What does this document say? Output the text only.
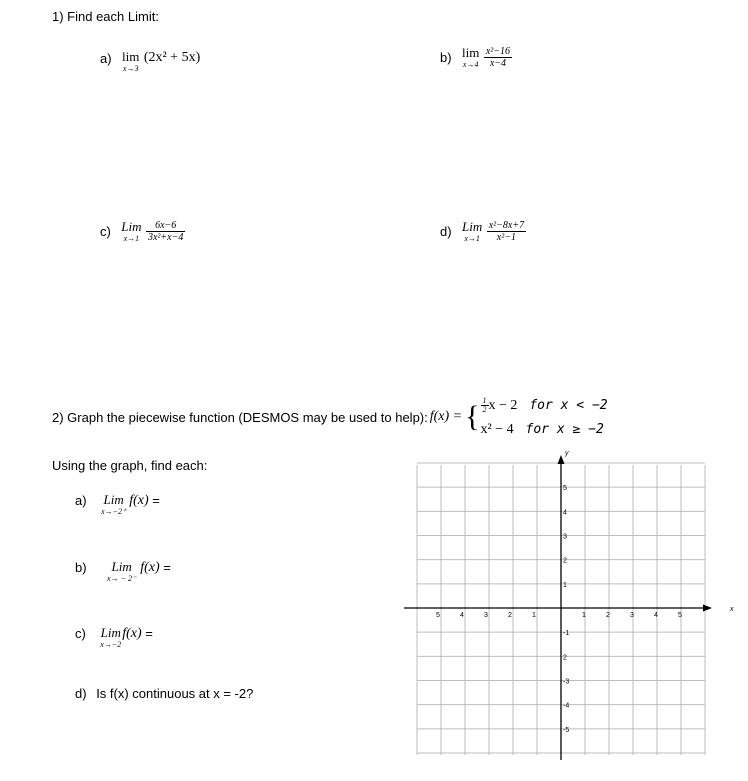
1) Find each Limit:
a) lim
x→3
(2x² + 5x)	b) lim
x→4
$\frac{\text{x²−16}}{x-4}$
c) Lim
x→1
$\frac{6x-6}{\text{3x²+x−4}}$	d) Lim
x→1
$\frac{\text{x²−8x+7}}{\text{x²−1}}$
2) Graph the piecewise function (DESMOS may be used to help): f(x) = { $\frac{1}{2}$ x − 2 for x < −2
x² − 4 for x ≥ −2
Using the graph, find each:
$^{a)}$ Lim
x→−2⁺
f(x) =
$^{b)}$ Lim
x→ − 2⁻
f(x) =
$^{c)}$ Lim
x→−2
f(x) =
d) Is f(x) continuous at x = -2?
x
y
5	4	3	2	1	1	2	3	4	5
5
4
3
2
1
-1
2
-3
-4
-5
